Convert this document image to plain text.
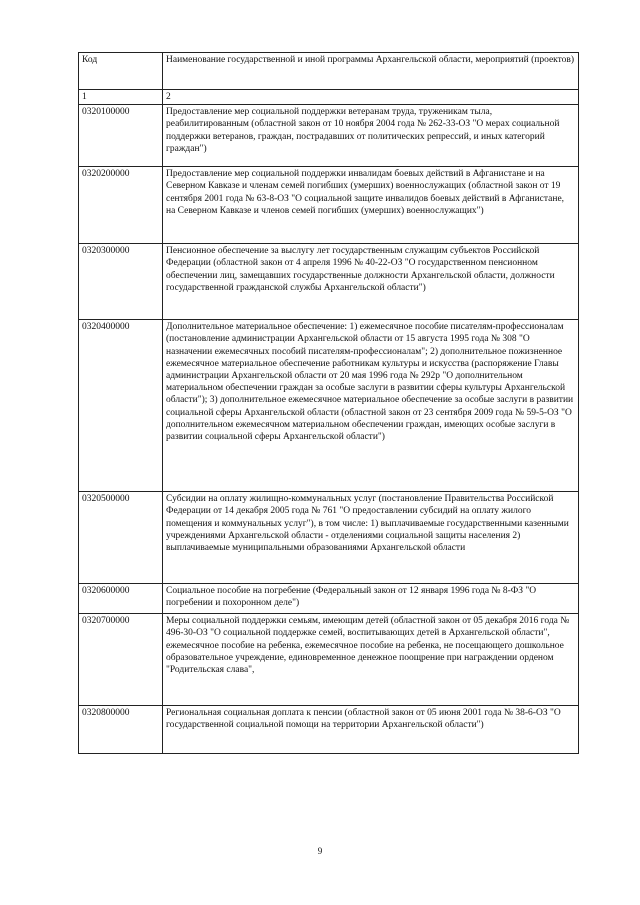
Код	Наименование государственной и иной программы Архангельской области, мероприятий (проектов)
1	2
0320100000	Предоставление мер социальной поддержки ветеранам труда, труженикам тыла, реабилитированным (областной закон от 10 ноября 2004 года № 262-33-ОЗ "О мерах социальной поддержки ветеранов, граждан, пострадавших от политических репрессий, и иных категорий граждан")
0320200000	Предоставление мер социальной поддержки инвалидам боевых действий в Афганистане и на Северном Кавказе и членам семей погибших (умерших) военнослужащих (областной закон от 19 сентября 2001 года № 63-8-ОЗ "О социальной защите инвалидов боевых действий в Афганистане, на Северном Кавказе и членов семей погибших (умерших) военнослужащих")
0320300000	Пенсионное обеспечение за выслугу лет государственным служащим субъектов Российской Федерации (областной закон от 4 апреля 1996 № 40-22-ОЗ "О государственном пенсионном обеспечении лиц, замещавших государственные должности Архангельской области, должности государственной гражданской службы Архангельской области")
0320400000	Дополнительное материальное обеспечение: 1) ежемесячное пособие писателям-профессионалам (постановление администрации Архангельской области от 15 августа 1995 года № 308 "О назначении ежемесячных пособий писателям-профессионалам"; 2) дополнительное пожизненное ежемесячное материальное обеспечение работникам культуры и искусства (распоряжение Главы администрации Архангельской области от 20 мая 1996 года № 292р "О дополнительном материальном обеспечении граждан за особые заслуги в развитии сферы культуры Архангельской области"); 3) дополнительное ежемесячное материальное обеспечение за особые заслуги в развитии социальной сферы Архангельской области (областной закон от 23 сентября 2009 года № 59-5-ОЗ "О дополнительном ежемесячном материальном обеспечении граждан, имеющих особые заслуги в развитии социальной сферы Архангельской области")
0320500000	Субсидии на оплату жилищно-коммунальных услуг (постановление Правительства Российской Федерации от 14 декабря 2005 года № 761 "О предоставлении субсидий на оплату жилого помещения и коммунальных услуг"), в том числе: 1) выплачиваемые государственными казенными учреждениями Архангельской области - отделениями социальной защиты населения 2) выплачиваемые муниципальными образованиями Архангельской области
0320600000	Социальное пособие на погребение (Федеральный закон от 12 января 1996 года № 8-ФЗ "О погребении и похоронном деле")
0320700000	Меры социальной поддержки семьям, имеющим детей (областной закон от 05 декабря 2016 года № 496-30-ОЗ "О социальной поддержке семей, воспитывающих детей в Архангельской области", ежемесячное пособие на ребенка, ежемесячное пособие на ребенка, не посещающего дошкольное образовательное учреждение, единовременное денежное поощрение при награждении орденом "Родительская слава",
0320800000	Региональная социальная доплата к пенсии (областной закон от 05 июня 2001 года № 38-6-ОЗ "О государственной социальной помощи на территории Архангельской области")
9
